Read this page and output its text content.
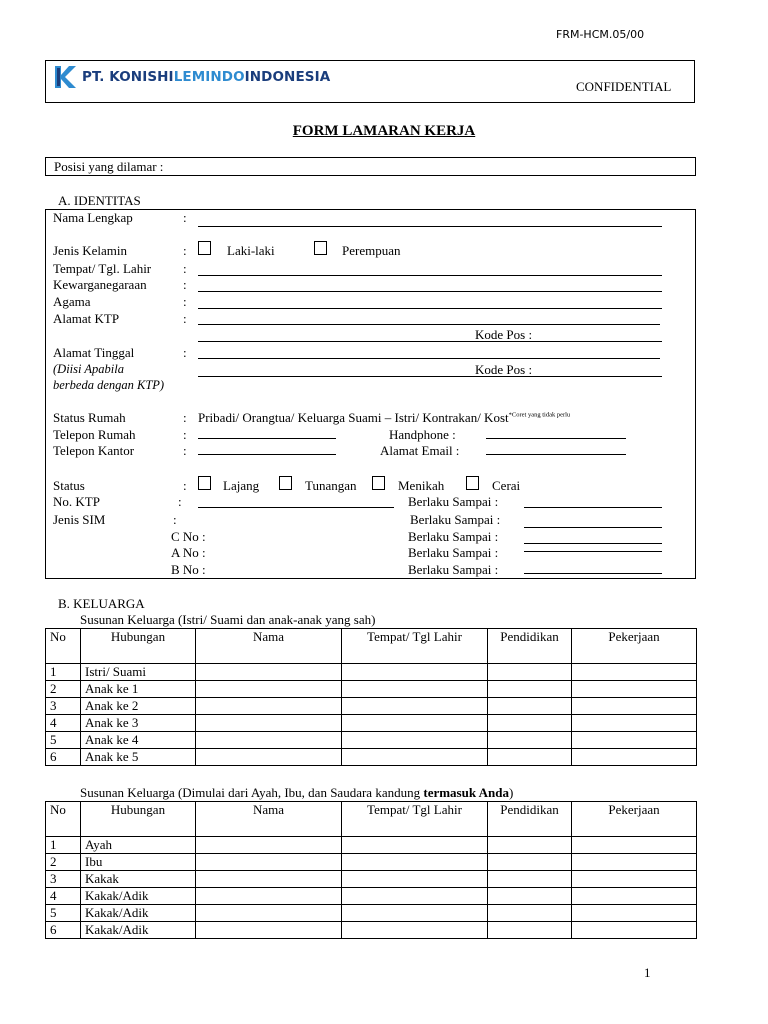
FRM-HCM.05/00
PT. KONISHILEMINDOINDONESIA
CONFIDENTIAL
FORM LAMARAN KERJA
Posisi yang dilamar :
A. IDENTITAS
Nama Lengkap	:
Jenis Kelamin	:	Laki-laki	Perempuan
Tempat/ Tgl. Lahir :
Kewarganegaraan	:
Agama	:
Alamat KTP	:
Kode Pos :
Alamat Tinggal	:
(Diisi Apabila
berbeda dengan KTP)
Kode Pos :
Status Rumah	: Pribadi/ Orangtua/ Keluarga Suami – Istri/ Kontrakan/ Kost$^{*Coret yang tidak perlu}$
Telepon Rumah	:	Handphone :
Telepon Kantor	:	Alamat Email :
Status	:	Lajang	Tunangan	Menikah	Cerai
No. KTP	:	Berlaku Sampai :
Jenis SIM	:	Berlaku Sampai :
C No :	Berlaku Sampai :
A No :	Berlaku Sampai :
B No :	Berlaku Sampai :
B. KELUARGA
Susunan Keluarga (Istri/ Suami dan anak-anak yang sah)
No	Hubungan	Nama	Tempat/ Tgl Lahir	Pendidikan	Pekerjaan
1	Istri/ Suami				
2	Anak ke 1				
3	Anak ke 2				
4	Anak ke 3				
5	Anak ke 4				
6	Anak ke 5				
Susunan Keluarga (Dimulai dari Ayah, Ibu, dan Saudara kandung termasuk Anda)
No	Hubungan	Nama	Tempat/ Tgl Lahir	Pendidikan	Pekerjaan
1	Ayah				
2	Ibu				
3	Kakak				
4	Kakak/Adik				
5	Kakak/Adik				
6	Kakak/Adik				
1
